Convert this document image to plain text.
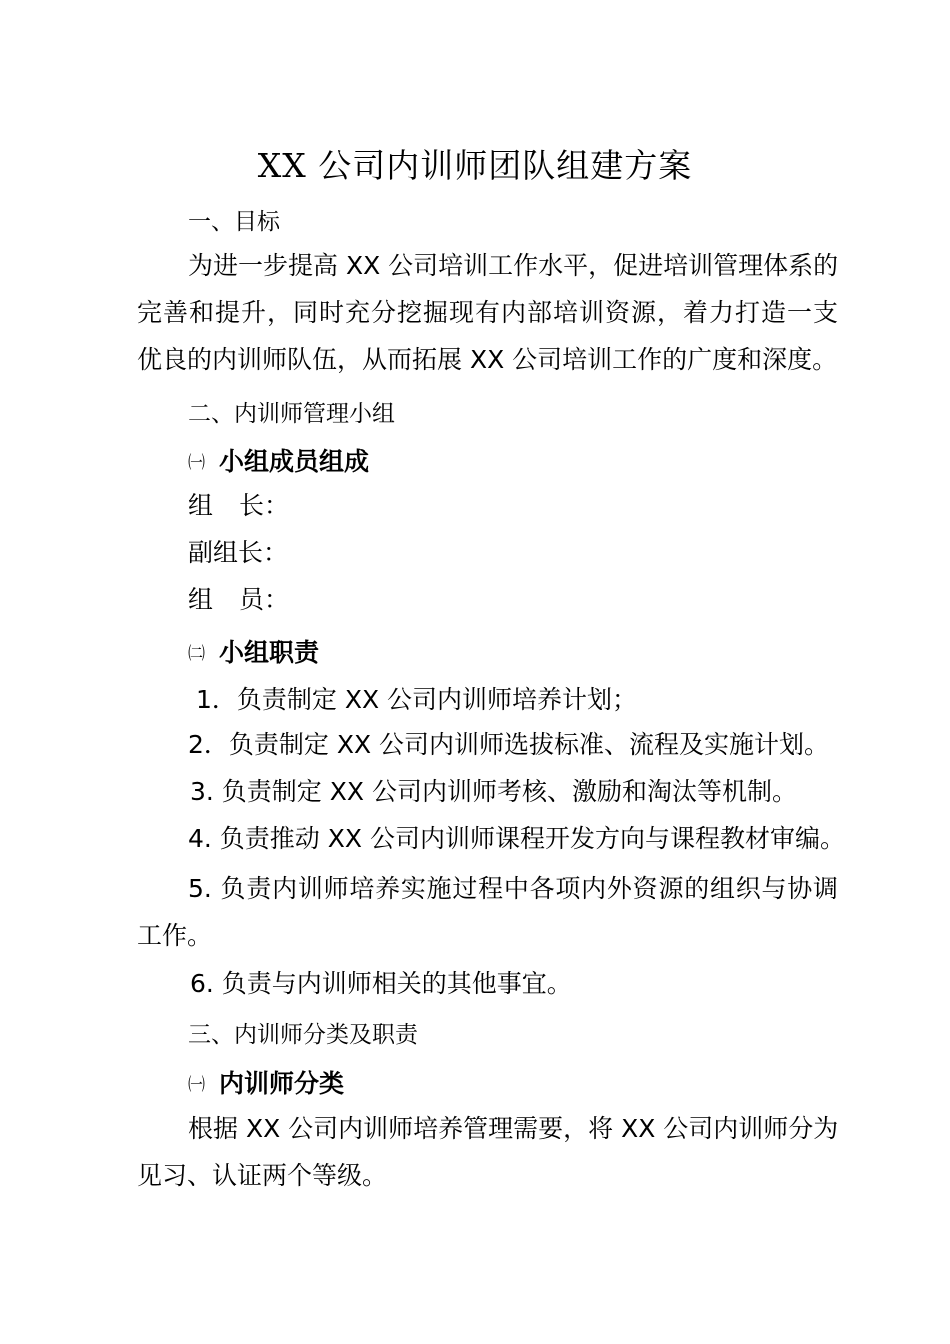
XX 公司内训师团队组建方案
一、目标
为进一步提高 XX 公司培训工作水平，促进培训管理体系的
完善和提升，同时充分挖掘现有内部培训资源，着力打造一支
优良的内训师队伍，从而拓展 XX 公司培训工作的广度和深度。
二、内训师管理小组
㈠ 小组成员组成
组 长：
副组长：
组 员：
㈡ 小组职责
1．负责制定 XX 公司内训师培养计划；
2．负责制定 XX 公司内训师选拔标准、流程及实施计划。
3. 负责制定 XX 公司内训师考核、激励和淘汰等机制。
4. 负责推动 XX 公司内训师课程开发方向与课程教材审编。
5. 负责内训师培养实施过程中各项内外资源的组织与协调
工作。
6. 负责与内训师相关的其他事宜。
三、内训师分类及职责
㈠ 内训师分类
根据 XX 公司内训师培养管理需要，将 XX 公司内训师分为
见习、认证两个等级。
